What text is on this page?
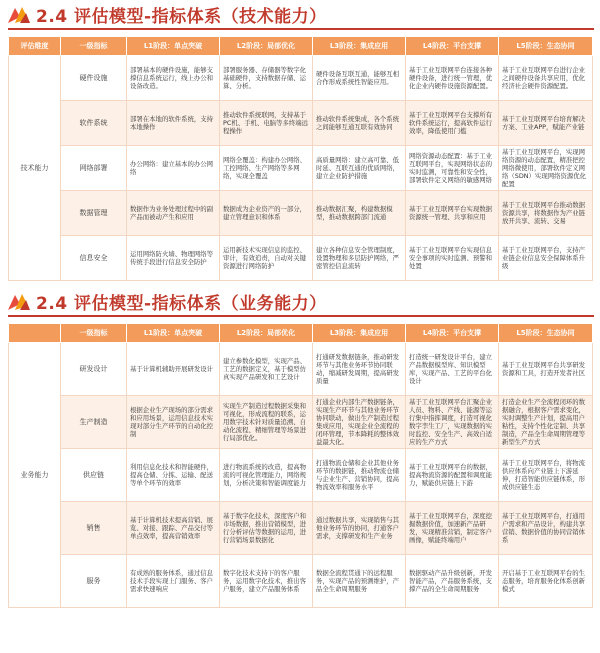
2.4 评估模型-指标体系（技术能力）
评估维度	一级指标	L1阶段：单点突破	L2阶段：局部优化	L3阶段：集成应用	L4阶段：平台支撑	L5阶段：生态协同
技术能力	硬件设施	部署基本的硬件设施，能够支撑信息系统运行，线上办公和设备改造。	部署服务器、存储器等数字化基础硬件，支持数据存储、运算、分析。	硬件设备互联互通，能够互相合作形成系统性智能应用。	基于工业互联网平台连接各种硬件设备，进行统一管理，优化企业内硬件设施资源配置。	基于工业互联网平台进行企业之间硬件设备共享应用，优化经济社会硬件资源配置。
	软件系统	部署在本地的软件系统，支持本地操作	推动软件系统联网，支持基于PC机、手机、电脑等多终端远程操作	推动软件系统集成，各个系统之间能够互通互联有效协同	基于工业互联网平台支撑所有软件系统运行，提高软件运行效率，降低使用门槛	基于工业互联网平台培育解决方案、工业APP，赋能产业链
	网络部署	办公网络：建立基本的办公网络	网络全覆盖：构建办公网络、工控网络、生产网络等多网络，实现全覆盖	高质量网络：建立高可靠、低时延、互联互通的优质网络，建立企业防护措施	网络资源动态配置：基于工业互联网平台，实现网络状态的实时监测，可靠性和安全性，部署软件定义网络的敏感网络	基于工业互联网平台，实现网络资源的动态配置，精准把控网络微使用，部署软件定义网络（SDN）实现网络资源优化配置
	数据管理	数据作为业务处理过程中的副产品而被动产生和应用	数据成为企业资产的一部分，建立管理意识和体系	推动数据汇聚，构建数据模型，推动数据跨部门流通	基于工业互联网平台实现数据资源统一管理、共享和应用	基于工业互联网平台推动数据资源共享，将数据作为产业链放开共享、流转、交易
	信息安全	运用网络防火墙、物理网络等传统手段进行信息安全防护	运用新技术实现信息的监控、审计，有效追责，自动对关键资源进行网络防护	建立各种信息安全管理制度，设置物理和多层防护网络，严密管控信息流转	基于工业互联网平台实现信息安全事项的实时监测、预警和处置	基于工业互联网平台，支持产业链企业信息安全保障体系升级
2.4 评估模型-指标体系（业务能力）
	一级指标	L1阶段：单点突破	L2阶段：局部优化	L3阶段：集成应用	L4阶段：平台支撑	L5阶段：生态协同
业务能力	研发设计	基于计算机辅助开展研发设计	建立参数化模型，实现产品、工艺的数据定义，基于模型仿真实现产品研发和工艺设计	打通研发数据链条，推动研发环节与其他业务环节协同联动，缩减研发周期，提高研发质量	打造统一研发设计平台，建立产品数据模型库、知识模型库，实现产品、工艺的平台化设计	基于工业互联网平台共享研发资源和工具，打造开发者社区
	生产制造	根据企业生产现场的部分需求和应用场景，运用信息技术实现对部分生产环节的自动化控制	实现生产制造过程数据采集和可视化，形成流程的联系，运用数字技术针对质量追溯、自动化流程、精细管理等场景进行局部优化。	打通企业内部生产数据链条，实现生产环节与其他业务环节协同联动，做出生产制造过程集成应用，实现企业全流程的闭环管理，节本降耗的整体效益最大化。	基于工业互联网平台汇聚企业人员、物料、产线、能源等运行集中指挥调度，打造可视化数字孪生工厂，实现数据的实时监控、安全生产、高效自适应的生产方式	打造企业生产全流程闭环的数据融合，根据客户需求变化，实时调整生产计划，提高用户粘性，支持个性化定制、共享制造，产品全生命周期管理等新型生产方式
	供应链	利用信息化技术和智能硬件，提高仓储、分拣、运输、配送等单个环节的效率	进行物流系统的改造，提高物流的可视化管理能力，网络规划，分析决策和智能调度能力	打通物流仓储和企业其他业务环节的数据链，推动物流仓储与企业生产、营销协同，提高物流效率和服务水平	基于工业互联网平台的数据，提高物流资源的配置和调度能力，赋能供应链上下游	基于工业互联网平台，将物流供应体系向产业链上下游延伸，打造智能供应链体系，形成供应链生态
	销售	基于计算机技术提高营销、展览、对接、跟踪、产品交付等单点效率，提高营销效率	基于数字化技术，深度客户和市场数据，推出营销模型，进行分析评估等数据的运用，进行营销场景数据化	通过数据共享，实现销售与其他业务环节的协同，打通客户需求，支撑研发和生产业务	基于工业互联网平台，深度挖掘数据价值，加速新产品研发，实现精准营销，制定客户画像，赋能终端用户	基于工业互联网平台，打通用户需求和产品设计，构建共享营销、数据价值的协同营销体系
	服务	有成熟的服务体系，通过信息技术手段实现上门服务、客户需求快速响应	数字化技术支持下的客户服务，运用数字化技术，推出客户服务，建立产品服务体系	数据全流程贯通下的远程服务，实现产品的预测维护，产品全生命周期服务	数据驱动产品升级创新，开发智能产品，产品服务系统，支撑产品的全生命周期服务	开启基于工业互联网平台的生态服务，培育服务化体系创新模式
